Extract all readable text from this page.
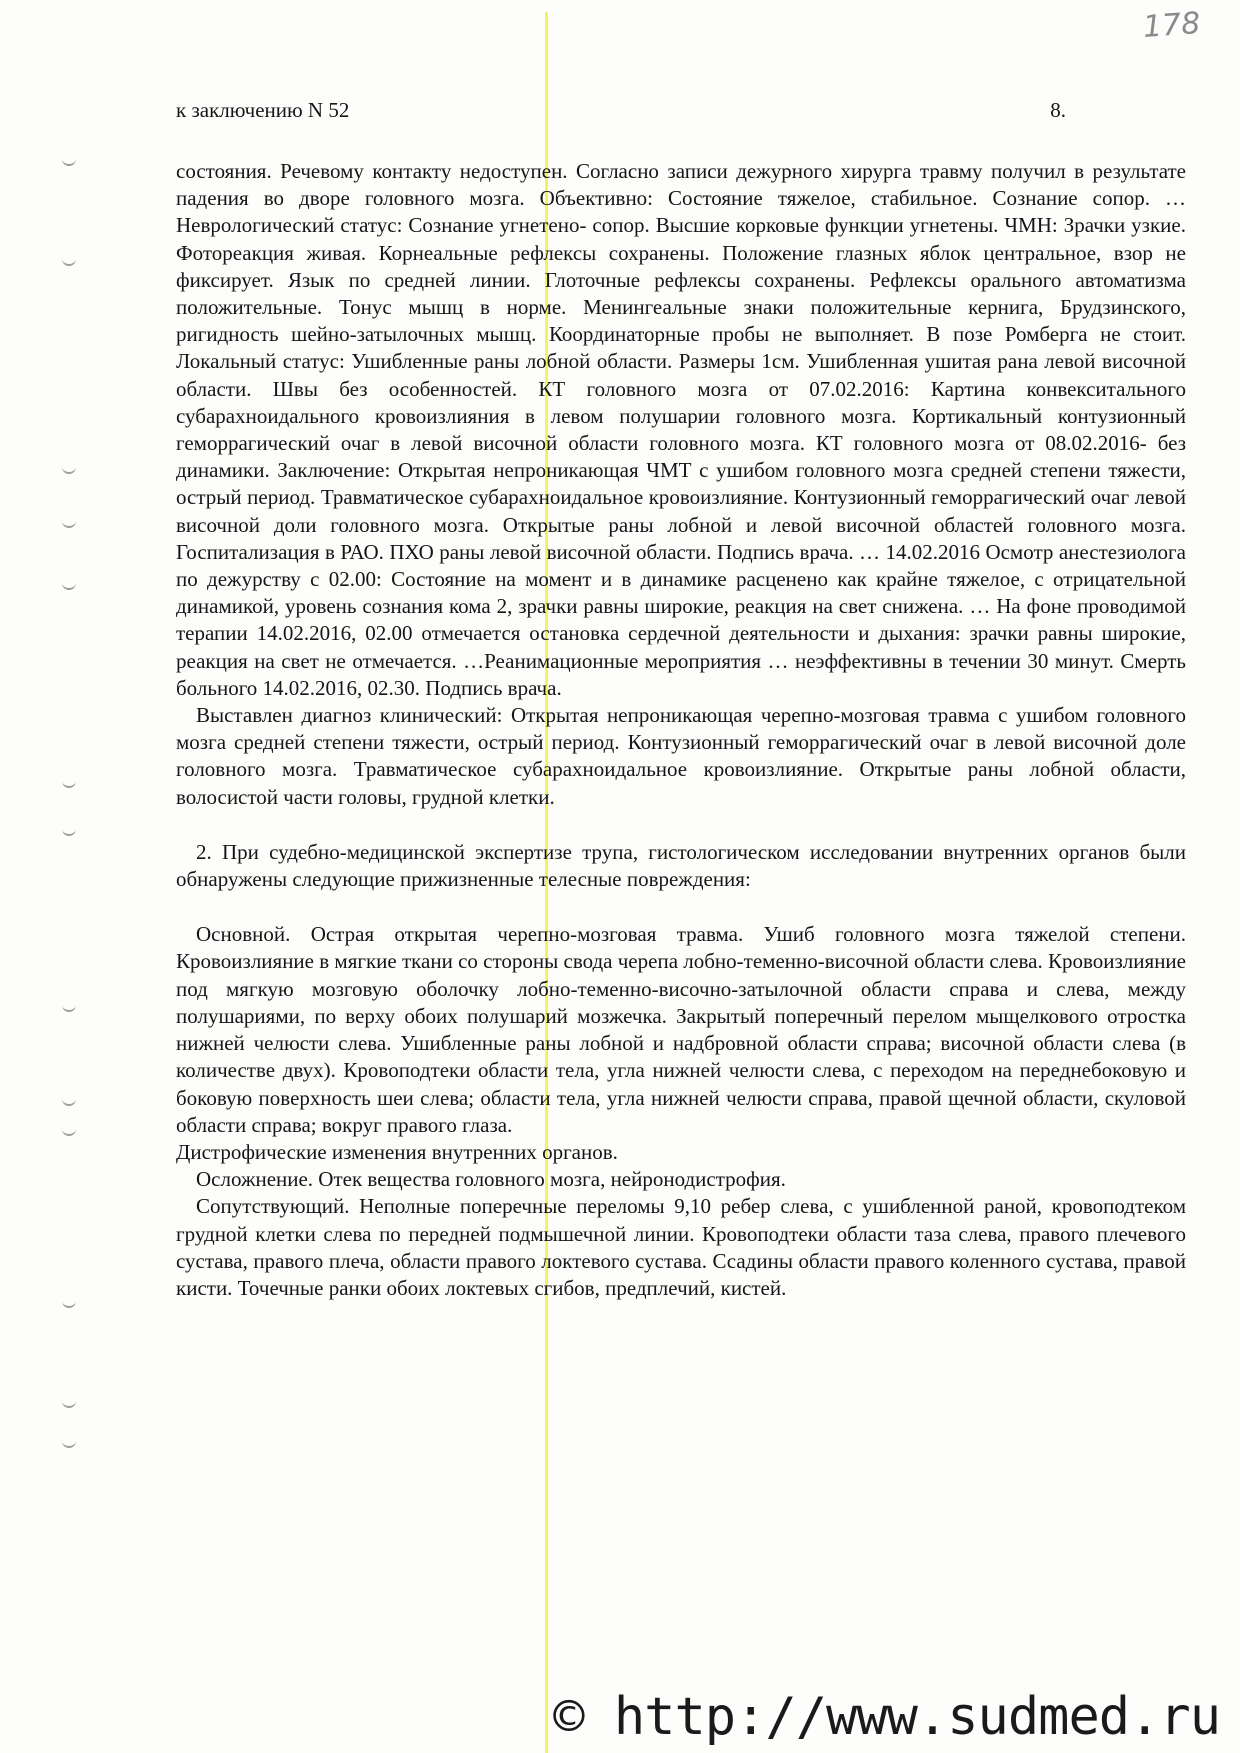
178
к заключению N 52	8.

состояния. Речевому контакту недоступен. Согласно записи дежурного хирурга травму получил в результате падения во дворе головного мозга. Объективно: Состояние тяжелое, стабильное. Сознание сопор. … Неврологический статус: Сознание угнетено- сопор. Высшие корковые функции угнетены. ЧМН: Зрачки узкие. Фотореакция живая. Корнеальные рефлексы сохранены. Положение глазных яблок центральное, взор не фиксирует. Язык по средней линии. Глоточные рефлексы сохранены. Рефлексы орального автоматизма положительные. Тонус мышц в норме. Менингеальные знаки положительные кернига, Брудзинского, ригидность шейно-затылочных мышц. Координаторные пробы не выполняет. В позе Ромберга не стоит. Локальный статус: Ушибленные раны лобной области. Размеры 1см. Ушибленная ушитая рана левой височной области. Швы без особенностей. КТ головного мозга от 07.02.2016: Картина конвекситального субарахноидального кровоизлияния в левом полушарии головного мозга. Кортикальный контузионный геморрагический очаг в левой височной области головного мозга. КТ головного мозга от 08.02.2016- без динамики. Заключение: Открытая непроникающая ЧМТ с ушибом головного мозга средней степени тяжести, острый период. Травматическое субарахноидальное кровоизлияние. Контузионный геморрагический очаг левой височной доли головного мозга. Открытые раны лобной и левой височной областей головного мозга. Госпитализация в РАО. ПХО раны левой височной области. Подпись врача. … 14.02.2016 Осмотр анестезиолога по дежурству с 02.00: Состояние на момент и в динамике расценено как крайне тяжелое, с отрицательной динамикой, уровень сознания кома 2, зрачки равны широкие, реакция на свет снижена. … На фоне проводимой терапии 14.02.2016, 02.00 отмечается остановка сердечной деятельности и дыхания: зрачки равны широкие, реакция на свет не отмечается. …Реанимационные мероприятия … неэффективны в течении 30 минут. Смерть больного 14.02.2016, 02.30. Подпись врача.

Выставлен диагноз клинический: Открытая непроникающая черепно-мозговая травма с ушибом головного мозга средней степени тяжести, острый период. Контузионный геморрагический очаг в левой височной доле головного мозга. Травматическое субарахноидальное кровоизлияние. Открытые раны лобной области, волосистой части головы, грудной клетки.

2. При судебно-медицинской экспертизе трупа, гистологическом исследовании внутренних органов были обнаружены следующие прижизненные телесные повреждения:

Основной. Острая открытая черепно-мозговая травма. Ушиб головного мозга тяжелой степени. Кровоизлияние в мягкие ткани со стороны свода черепа лобно-теменно-височной области слева. Кровоизлияние под мягкую мозговую оболочку лобно-теменно-височно-затылочной области справа и слева, между полушариями, по верху обоих полушарий мозжечка. Закрытый поперечный перелом мыщелкового отростка нижней челюсти слева. Ушибленные раны лобной и надбровной области справа; височной области слева (в количестве двух). Кровоподтеки области тела, угла нижней челюсти слева, с переходом на переднебоковую и боковую поверхность шеи слева; области тела, угла нижней челюсти справа, правой щечной области, скуловой области справа; вокруг правого глаза.

Дистрофические изменения внутренних органов.

Осложнение. Отек вещества головного мозга, нейронодистрофия.

Сопутствующий. Неполные поперечные переломы 9,10 ребер слева, с ушибленной раной, кровоподтеком грудной клетки слева по передней подмышечной линии. Кровоподтеки области таза слева, правого плечевого сустава, правого плеча, области правого локтевого сустава. Ссадины области правого коленного сустава, правой кисти. Точечные ранки обоих локтевых сгибов, предплечий, кистей.

© http://www.sudmed.ru
